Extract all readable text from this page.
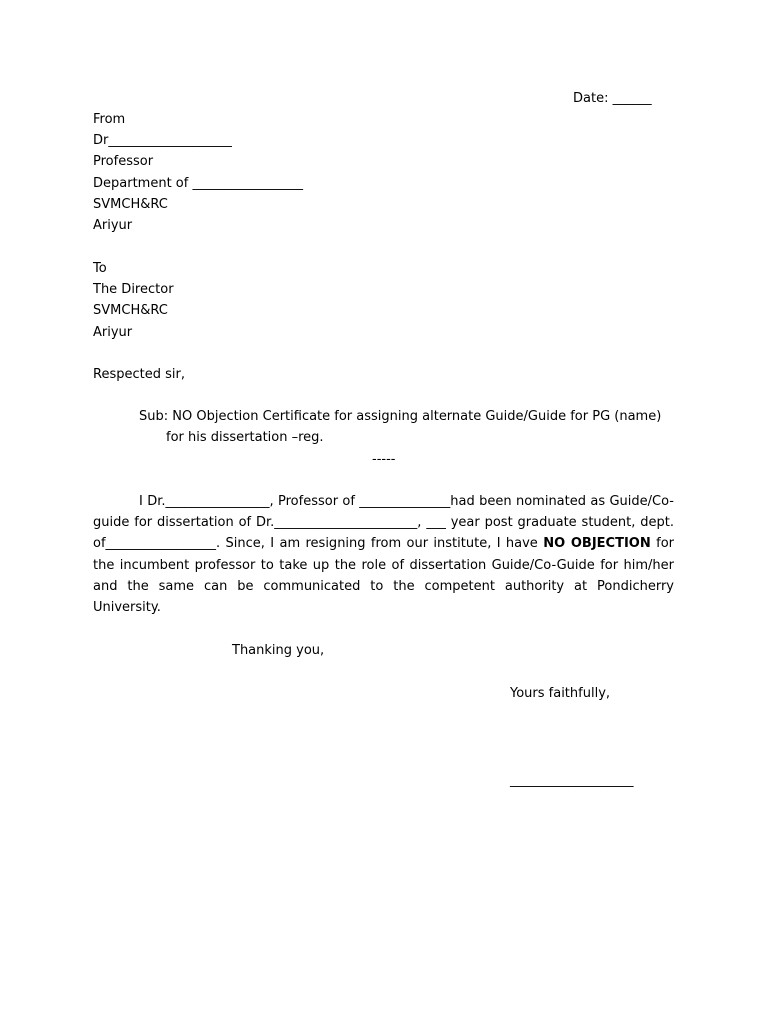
Date: ______
From
Dr___________________
Professor
Department of _________________
SVMCH&RC
Ariyur
To
The Director
SVMCH&RC
Ariyur
Respected sir,
Sub: NO Objection Certificate for assigning alternate Guide/Guide for PG (name)
for his dissertation –reg.
-----
I Dr.________________, Professor of ______________had been nominated as Guide/Co-guide for dissertation of Dr.______________________, ___ year post graduate student, dept. of_________________. Since, I am resigning from our institute, I have NO OBJECTION for the incumbent professor to take up the role of dissertation Guide/Co-Guide for him/her and the same can be communicated to the competent authority at Pondicherry University.
Thanking you,
Yours faithfully,
___________________
